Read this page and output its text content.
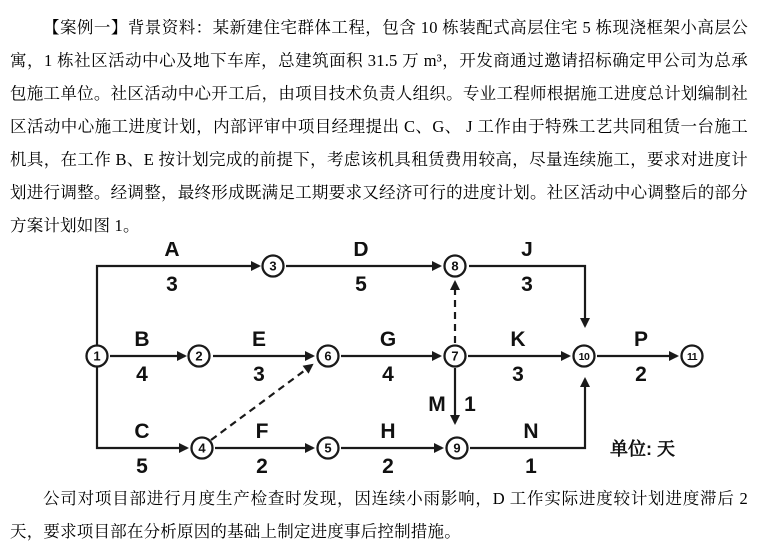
【案例一】背景资料：某新建住宅群体工程，包含 10 栋装配式高层住宅 5 栋现浇框架小高层公寓，1 栋社区活动中心及地下车库，总建筑面积 31.5 万 m³，开发商通过邀请招标确定甲公司为总承包施工单位。社区活动中心开工后，由项目技术负责人组织。专业工程师根据施工进度总计划编制社区活动中心施工进度计划，内部评审中项目经理提出 C、G、 J 工作由于特殊工艺共同租赁一台施工机具，在工作 B、E 按计划完成的前提下，考虑该机具租赁费用较高，尽量连续施工，要求对进度计划进行调整。经调整，最终形成既满足工期要求又经济可行的进度计划。社区活动中心调整后的部分方案计划如图 1。

A
3
D
5
J
3
B
4
E
3
G
4
K
3
P
2
C
5
F
2
H
2
N
1
M 1
单位: 天
1	2
3
4	5
6	7
8
9
10	11

公司对项目部进行月度生产检查时发现，因连续小雨影响，D 工作实际进度较计划进度滞后 2 天，要求项目部在分析原因的基础上制定进度事后控制措施。
